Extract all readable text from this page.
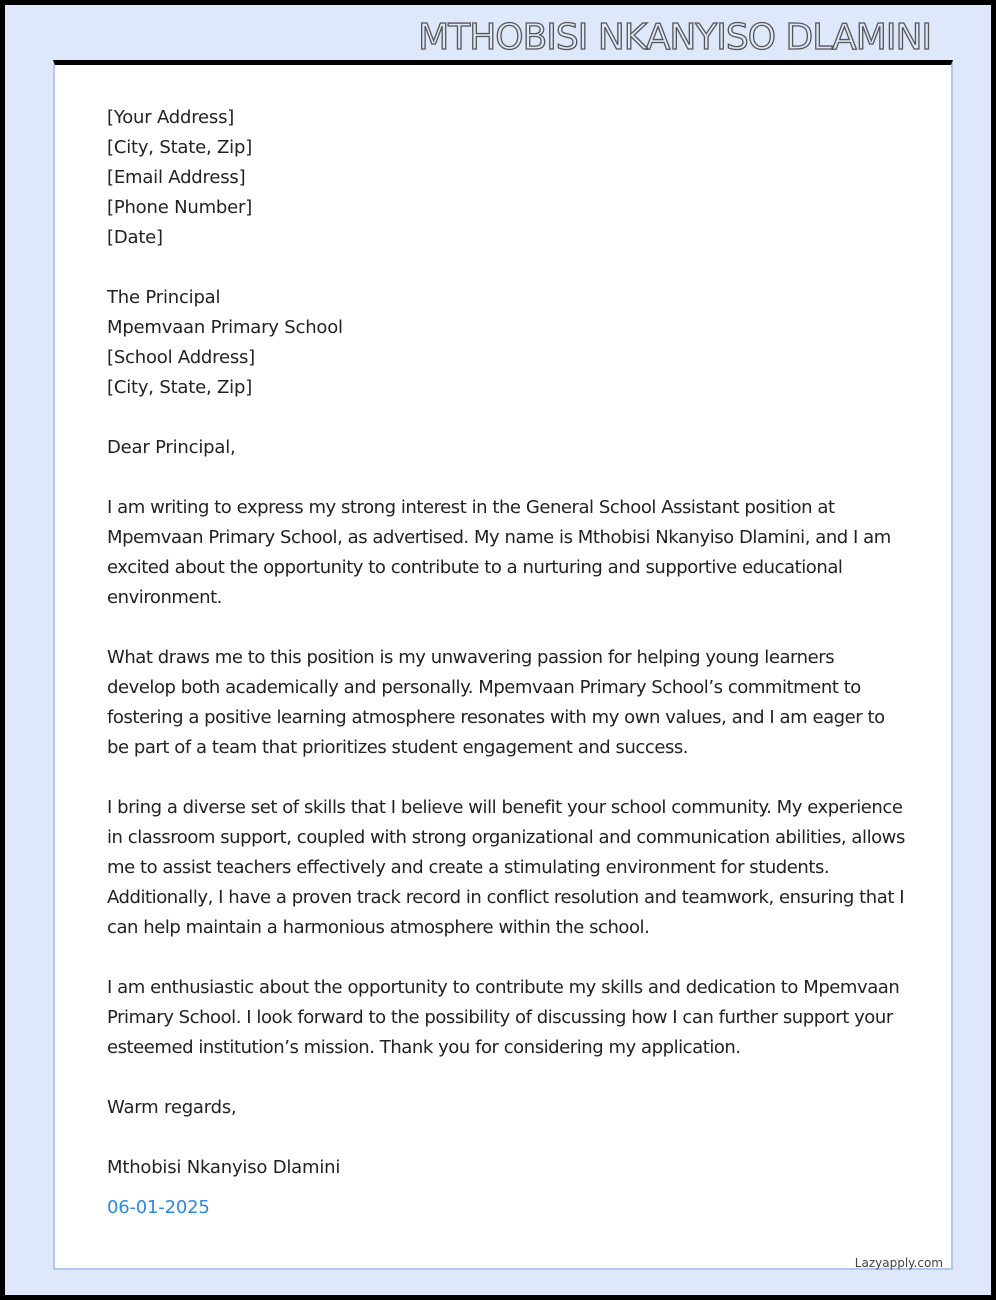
MTHOBISI NKANYISO DLAMINI
[Your Address]
[City, State, Zip]
[Email Address]
[Phone Number]
[Date]
The Principal
Mpemvaan Primary School
[School Address]
[City, State, Zip]
Dear Principal,
I am writing to express my strong interest in the General School Assistant position at Mpemvaan Primary School, as advertised. My name is Mthobisi Nkanyiso Dlamini, and I am excited about the opportunity to contribute to a nurturing and supportive educational environment.
What draws me to this position is my unwavering passion for helping young learners develop both academically and personally. Mpemvaan Primary School’s commitment to fostering a positive learning atmosphere resonates with my own values, and I am eager to be part of a team that prioritizes student engagement and success.
I bring a diverse set of skills that I believe will benefit your school community. My experience in classroom support, coupled with strong organizational and communication abilities, allows me to assist teachers effectively and create a stimulating environment for students. Additionally, I have a proven track record in conflict resolution and teamwork, ensuring that I can help maintain a harmonious atmosphere within the school.
I am enthusiastic about the opportunity to contribute my skills and dedication to Mpemvaan Primary School. I look forward to the possibility of discussing how I can further support your esteemed institution’s mission. Thank you for considering my application.
Warm regards,
Mthobisi Nkanyiso Dlamini
06-01-2025
Lazyapply.com
